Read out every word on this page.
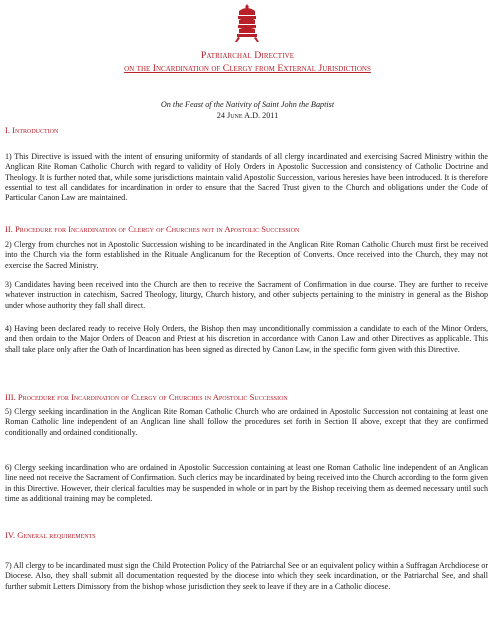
Patriarchal Directive
on the Incardination of Clergy from External Jurisdictions
On the Feast of the Nativity of Saint John the Baptist
24 June A.D. 2011
I. Introduction
1) This Directive is issued with the intent of ensuring uniformity of standards of all clergy incardinated and exercising Sacred Ministry within the Anglican Rite Roman Catholic Church with regard to validity of Holy Orders in Apostolic Succession and consistency of Catholic Doctrine and Theology. It is further noted that, while some jurisdictions maintain valid Apostolic Succession, various heresies have been introduced. It is therefore essential to test all candidates for incardination in order to ensure that the Sacred Trust given to the Church and obligations under the Code of Particular Canon Law are maintained.
II. Procedure for Incardination of Clergy of Churches not in Apostolic Succession
2) Clergy from churches not in Apostolic Succession wishing to be incardinated in the Anglican Rite Roman Catholic Church must first be received into the Church via the form established in the Rituale Anglicanum for the Reception of Converts. Once received into the Church, they may not exercise the Sacred Ministry.
3) Candidates having been received into the Church are then to receive the Sacrament of Confirmation in due course. They are further to receive whatever instruction in catechism, Sacred Theology, liturgy, Church history, and other subjects pertaining to the ministry in general as the Bishop under whose authority they fall shall direct.
4) Having been declared ready to receive Holy Orders, the Bishop then may unconditionally commission a candidate to each of the Minor Orders, and then ordain to the Major Orders of Deacon and Priest at his discretion in accordance with Canon Law and other Directives as applicable. This shall take place only after the Oath of Incardination has been signed as directed by Canon Law, in the specific form given with this Directive.
III. Procedure for Incardination of Clergy of Churches in Apostolic Succession
5) Clergy seeking incardination in the Anglican Rite Roman Catholic Church who are ordained in Apostolic Succession not containing at least one Roman Catholic line independent of an Anglican line shall follow the procedures set forth in Section II above, except that they are confirmed conditionally and ordained conditionally.
6) Clergy seeking incardination who are ordained in Apostolic Succession containing at least one Roman Catholic line independent of an Anglican line need not receive the Sacrament of Confirmation. Such clerics may be incardinated by being received into the Church according to the form given in this Directive. However, their clerical faculties may be suspended in whole or in part by the Bishop receiving them as deemed necessary until such time as additional training may be completed.
IV. General requirements
7) All clergy to be incardinated must sign the Child Protection Policy of the Patriarchal See or an equivalent policy within a Suffragan Archdiocese or Diocese. Also, they shall submit all documentation requested by the diocese into which they seek incardination, or the Patriarchal See, and shall further submit Letters Dimissory from the bishop whose jurisdiction they seek to leave if they are in a Catholic diocese.
